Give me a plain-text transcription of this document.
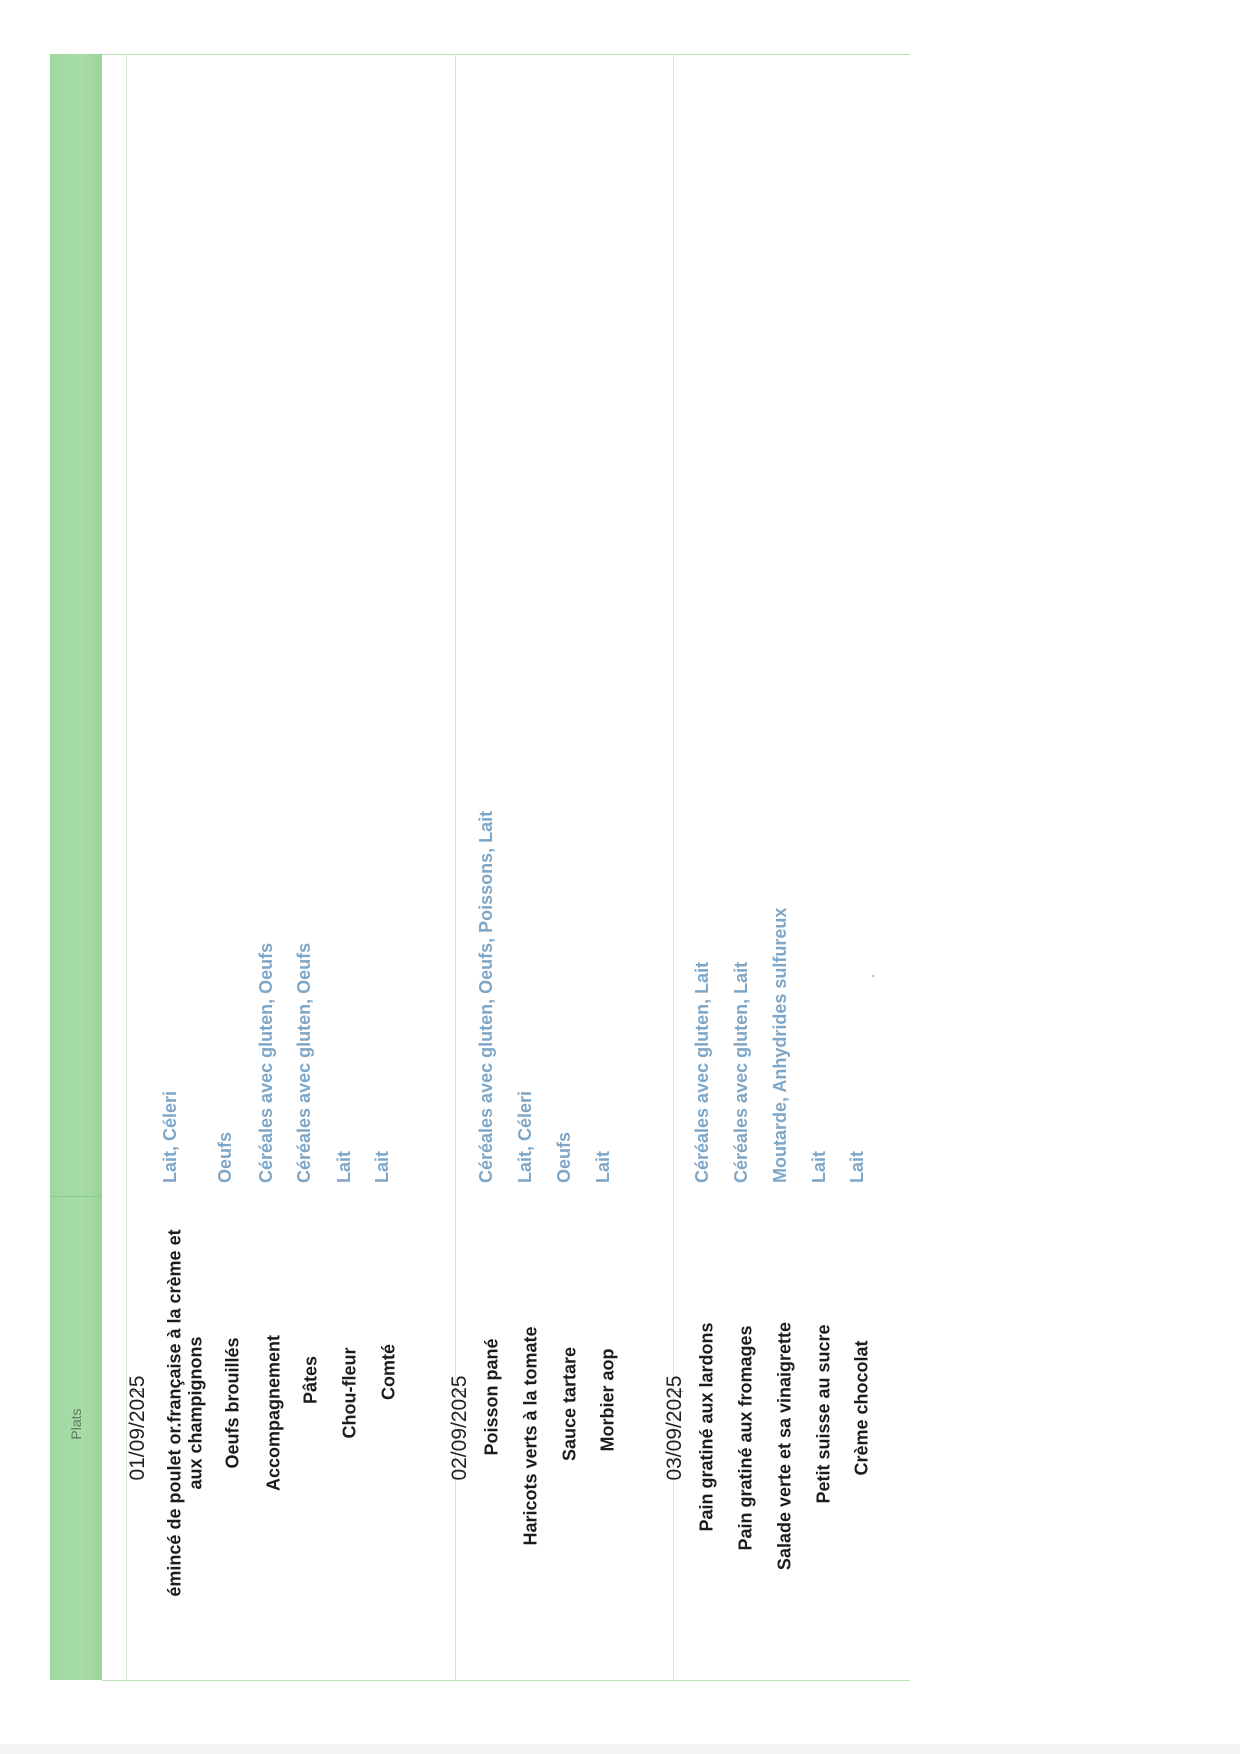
Plats 01/09/2025 émincé de poulet or.française à la crème et
aux champignons Oeufs brouillés Accompagnement Pâtes Chou-fleur Comté
Lait, Céleri Oeufs Céréales avec gluten, Oeufs Céréales avec gluten, Oeufs Lait Lait
02/09/2025 Poisson pané Haricots verts à la tomate Sauce tartare Morbier aop
Céréales avec gluten, Oeufs, Poissons, Lait Lait, Céleri Oeufs Lait
03/09/2025 Pain gratiné aux lardons Pain gratiné aux fromages Salade verte et sa vinaigrette Petit suisse au sucre Crème chocolat
Céréales avec gluten, Lait Céréales avec gluten, Lait Moutarde, Anhydrides sulfureux Lait Lait
